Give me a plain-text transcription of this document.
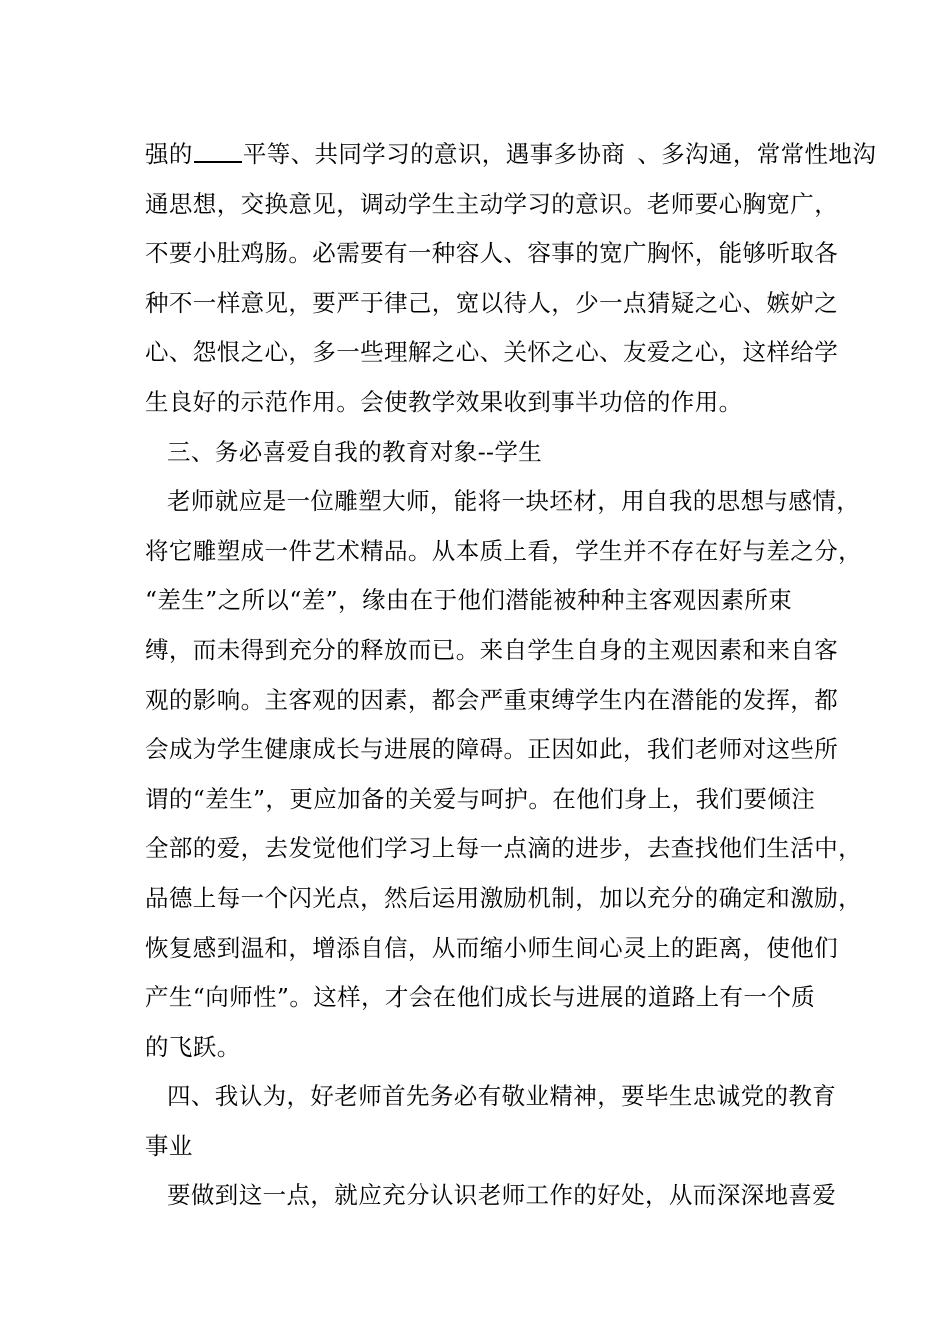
强的 平等、共同学习的意识，遇事多协商 、多沟通，常常性地沟
通思想，交换意见，调动学生主动学习的意识。老师要心胸宽广，
不要小肚鸡肠。必需要有一种容人、容事的宽广胸怀，能够听取各
种不一样意见，要严于律己，宽以待人，少一点猜疑之心、嫉妒之
心、怨恨之心，多一些理解之心、关怀之心、友爱之心，这样给学
生良好的示范作用。会使教学效果收到事半功倍的作用。
三、务必喜爱自我的教育对象--学生
老师就应是一位雕塑大师，能将一块坯材，用自我的思想与感情，
将它雕塑成一件艺术精品。从本质上看，学生并不存在好与差之分，
“差生”之所以“差”，缘由在于他们潜能被种种主客观因素所束
缚，而未得到充分的释放而已。来自学生自身的主观因素和来自客
观的影响。主客观的因素，都会严重束缚学生内在潜能的发挥，都
会成为学生健康成长与进展的障碍。正因如此，我们老师对这些所
谓的“差生”，更应加备的关爱与呵护。在他们身上，我们要倾注
全部的爱，去发觉他们学习上每一点滴的进步，去查找他们生活中，
品德上每一个闪光点，然后运用激励机制，加以充分的确定和激励，
恢复感到温和，增添自信，从而缩小师生间心灵上的距离，使他们
产生“向师性”。这样，才会在他们成长与进展的道路上有一个质
的飞跃。
四、我认为，好老师首先务必有敬业精神，要毕生忠诚党的教育
事业
要做到这一点，就应充分认识老师工作的好处，从而深深地喜爱
